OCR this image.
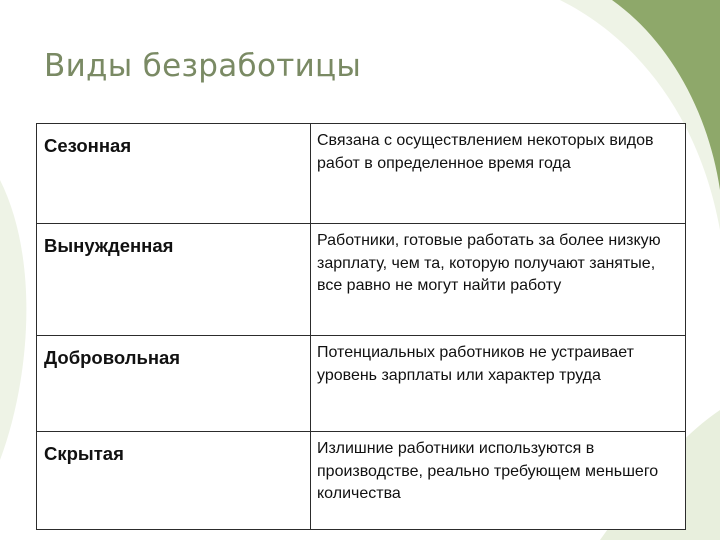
Виды безработицы
Сезонная	Связана с осуществлением некоторых видов работ в определенное время года
Вынужденная	Работники, готовые работать за более низкую зарплату, чем та, которую получают занятые, все равно не могут найти работу
Добровольная	Потенциальных работников не устраивает уровень зарплаты или характер труда
Скрытая	Излишние работники используются в производстве, реально требующем меньшего количества
